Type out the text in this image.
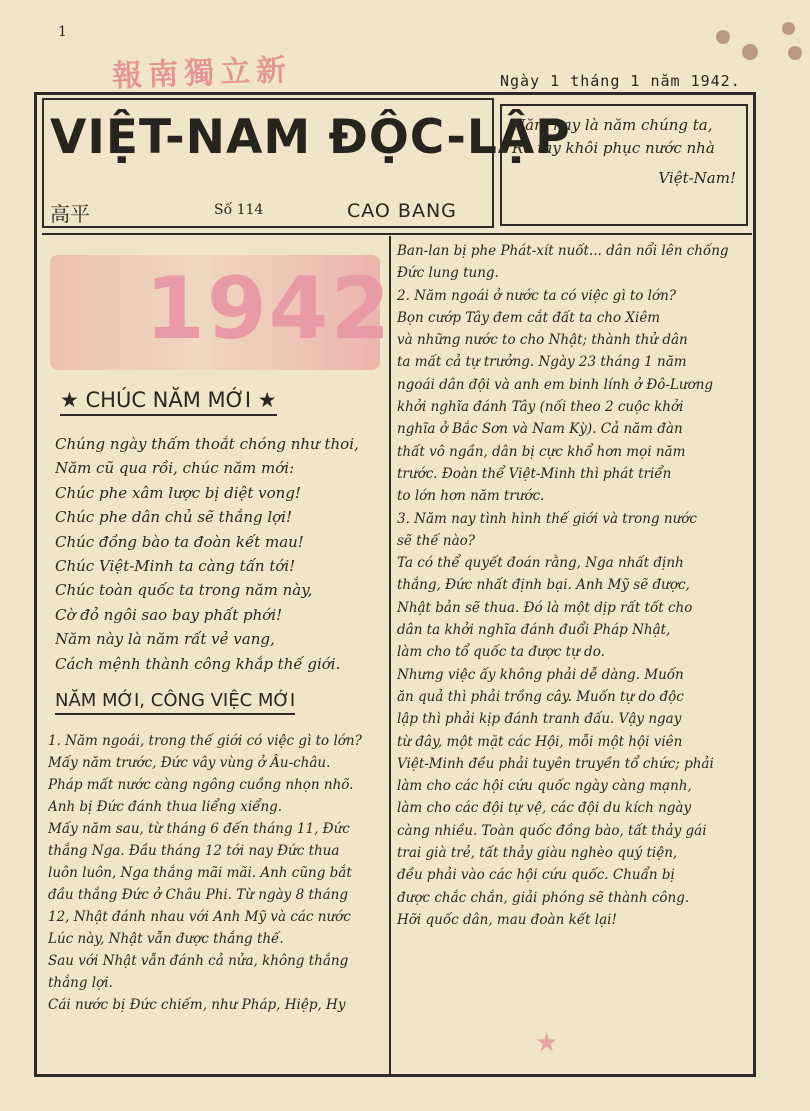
1
報南獨立新	Ngày 1 tháng 1 năm 1942.
VIỆT-NAM ĐỘC-LẬP
高平	Số 114	CAO BANG
Năm nay là năm chúng ta,
Ra tay khôi phục nước nhà
Việt-Nam!
1942
★ CHÚC NĂM MỚI ★
Chúng ngày thấm thoắt chóng như thoi,
Năm cũ qua rồi, chúc năm mới:
Chúc phe xâm lược bị diệt vong!
Chúc phe dân chủ sẽ thắng lợi!
Chúc đồng bào ta đoàn kết mau!
Chúc Việt-Minh ta càng tấn tới!
Chúc toàn quốc ta trong năm này,
Cờ đỏ ngôi sao bay phất phới!
Năm này là năm rất vẻ vang,
Cách mệnh thành công khắp thế giới.
NĂM MỚI, CÔNG VIỆC MỚI
1. Năm ngoái, trong thế giới có việc gì to lớn?
Mấy năm trước, Đức vây vùng ở Âu-châu.
Pháp mất nước càng ngông cuồng nhọn nhõ.
Anh bị Đức đánh thua liểng xiểng.
Mấy năm sau, từ tháng 6 đến tháng 11, Đức
thắng Nga. Đầu tháng 12 tới nay Đức thua
luôn luôn, Nga thắng mãi mãi. Anh cũng bắt
đầu thắng Đức ở Châu Phi. Từ ngày 8 tháng
12, Nhật đánh nhau với Anh Mỹ và các nước
Lúc này, Nhật vẫn được thắng thế.
Sau với Nhật vẫn đánh cả nửa, không thắng
thắng lợi.
Cái nước bị Đức chiếm, như Pháp, Hiệp, Hy
Ban-lan bị phe Phát-xít nuốt... dân nổi lên chống
Đức lung tung.
2. Năm ngoái ở nước ta có việc gì to lớn?
Bọn cướp Tây đem cắt đất ta cho Xiêm
và những nước to cho Nhật; thành thử dân
ta mất cả tự trưởng. Ngày 23 tháng 1 năm
ngoái dân đội và anh em binh lính ở Đô-Lương
khởi nghĩa đánh Tây (nối theo 2 cuộc khởi
nghĩa ở Bắc Sơn và Nam Kỳ). Cả năm đàn
thất vô ngần, dân bị cực khổ hơn mọi năm
trước. Đoàn thể Việt-Minh thì phát triển
to lớn hơn năm trước.
3. Năm nay tình hình thế giới và trong nước
sẽ thế nào?
Ta có thể quyết đoán rằng, Nga nhất định
thắng, Đức nhất định bại. Anh Mỹ sẽ được,
Nhật bản sẽ thua. Đó là một dịp rất tốt cho
dân ta khởi nghĩa đánh đuổi Pháp Nhật,
làm cho tổ quốc ta được tự do.
Nhưng việc ấy không phải dễ dàng. Muốn
ăn quả thì phải trồng cây. Muốn tự do độc
lập thì phải kịp đánh tranh đấu. Vậy ngay
từ đây, một mặt các Hội, mỗi một hội viên
Việt-Minh đều phải tuyên truyền tổ chức; phải
làm cho các hội cứu quốc ngày càng mạnh,
làm cho các đội tự vệ, các đội du kích ngày
càng nhiều. Toàn quốc đồng bào, tất thảy gái
trai già trẻ, tất thảy giàu nghèo quý tiện,
đều phải vào các hội cứu quốc. Chuẩn bị
được chắc chắn, giải phóng sẽ thành công.
Hỡi quốc dân, mau đoàn kết lại!
★
